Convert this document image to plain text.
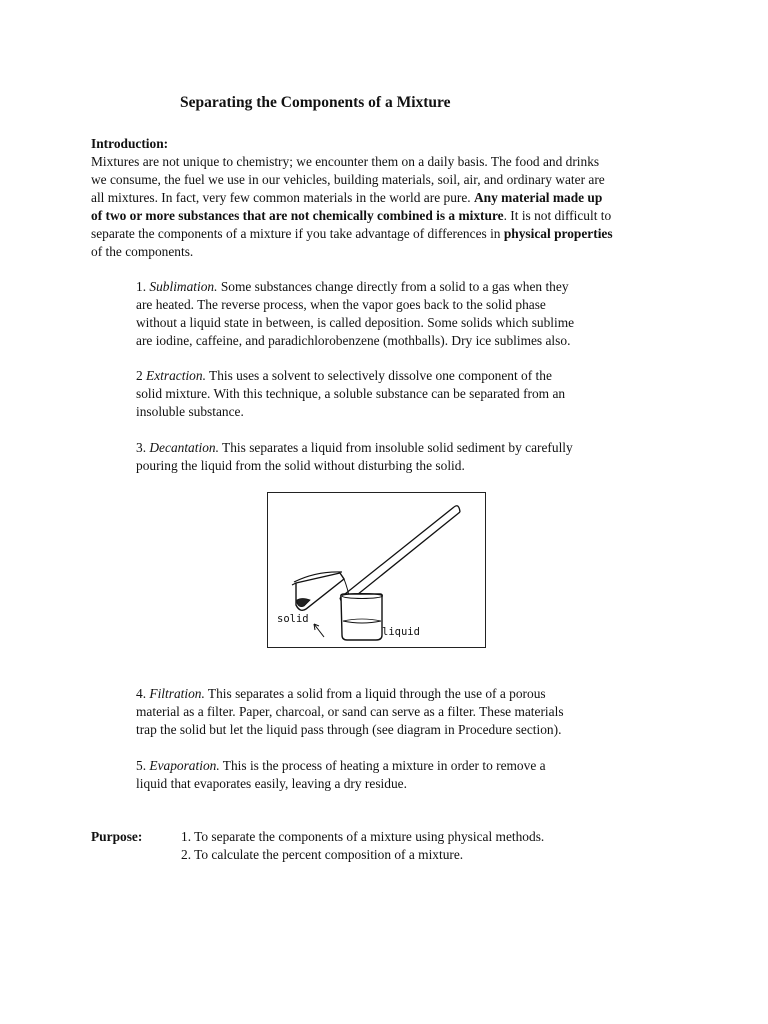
Separating the Components of a Mixture

Introduction:

Mixtures are not unique to chemistry; we encounter them on a daily basis. The food and drinks
we consume, the fuel we use in our vehicles, building materials, soil, air, and ordinary water are
all mixtures. In fact, very few common materials in the world are pure. Any material made up
of two or more substances that are not chemically combined is a mixture. It is not difficult to
separate the components of a mixture if you take advantage of differences in physical properties
of the components.
1. Sublimation. Some substances change directly from a solid to a gas when they
are heated. The reverse process, when the vapor goes back to the solid phase
without a liquid state in between, is called deposition. Some solids which sublime
are iodine, caffeine, and paradichlorobenzene (mothballs). Dry ice sublimes also.
2 Extraction. This uses a solvent to selectively dissolve one component of the
solid mixture. With this technique, a soluble substance can be separated from an
insoluble substance.
3. Decantation. This separates a liquid from insoluble solid sediment by carefully
pouring the liquid from the solid without disturbing the solid.
solid
liquid
4. Filtration. This separates a solid from a liquid through the use of a porous
material as a filter. Paper, charcoal, or sand can serve as a filter. These materials
trap the solid but let the liquid pass through (see diagram in Procedure section).
5. Evaporation. This is the process of heating a mixture in order to remove a
liquid that evaporates easily, leaving a dry residue.

Purpose:	1. To separate the components of a mixture using physical methods.
2. To calculate the percent composition of a mixture.
